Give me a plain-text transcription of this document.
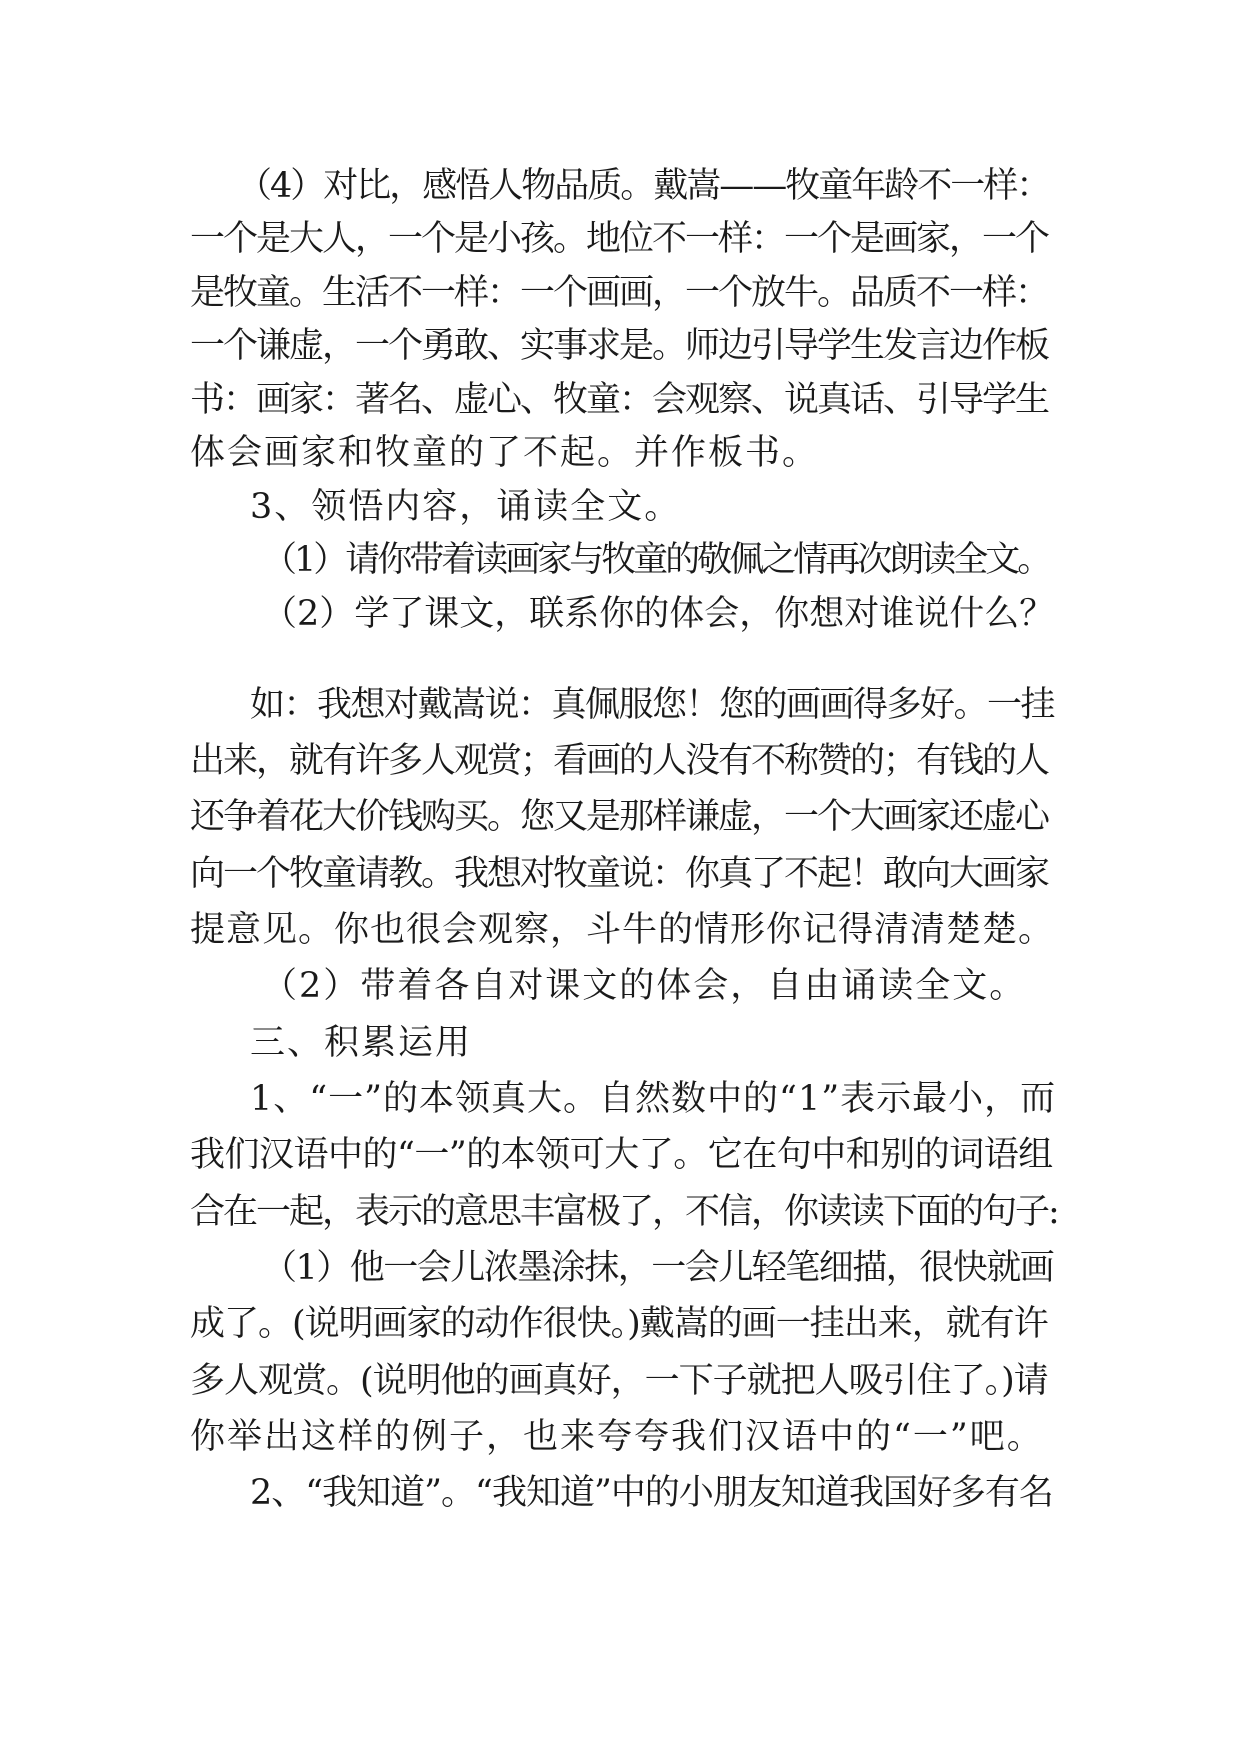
（4）对比，感悟人物品质。戴嵩——牧童年龄不一样：
一个是大人，一个是小孩。地位不一样：一个是画家，一个
是牧童。生活不一样：一个画画，一个放牛。品质不一样：
一个谦虚，一个勇敢、实事求是。师边引导学生发言边作板
书：画家：著名、虚心、牧童：会观察、说真话、引导学生
体会画家和牧童的了不起。并作板书。
3、领悟内容，诵读全文。
（1）请你带着读画家与牧童的敬佩之情再次朗读全文。
（2）学了课文，联系你的体会，你想对谁说什么？
如：我想对戴嵩说：真佩服您！您的画画得多好。一挂
出来，就有许多人观赏；看画的人没有不称赞的；有钱的人
还争着花大价钱购买。您又是那样谦虚，一个大画家还虚心
向一个牧童请教。我想对牧童说：你真了不起！敢向大画家
提意见。你也很会观察，斗牛的情形你记得清清楚楚。
（2）带着各自对课文的体会，自由诵读全文。
三、积累运用
1、“一”的本领真大。自然数中的“1”表示最小，而
我们汉语中的“一”的本领可大了。它在句中和别的词语组
合在一起，表示的意思丰富极了，不信，你读读下面的句子:
（1）他一会儿浓墨涂抹，一会儿轻笔细描，很快就画
成了。(说明画家的动作很快。)戴嵩的画一挂出来，就有许
多人观赏。(说明他的画真好，一下子就把人吸引住了。)请
你举出这样的例子，也来夸夸我们汉语中的“一”吧。
2、“我知道”。“我知道”中的小朋友知道我国好多有名
